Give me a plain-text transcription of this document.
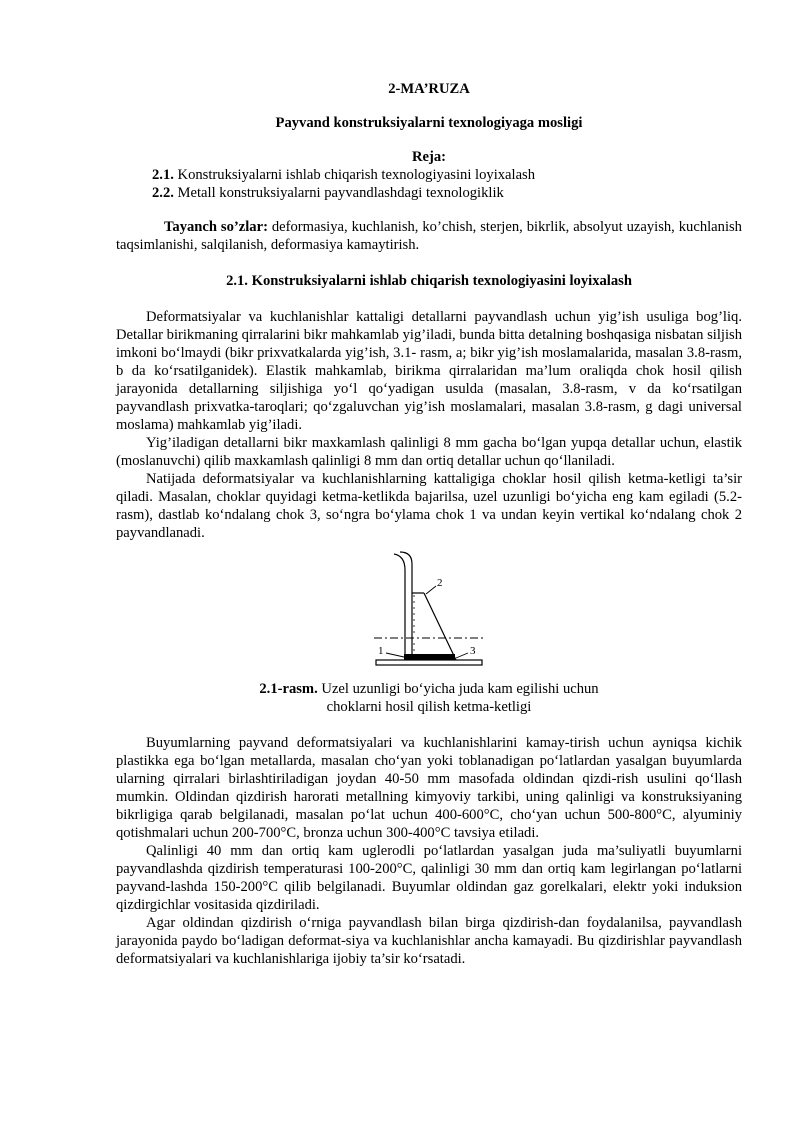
2-MA’RUZA
Payvand konstruksiyalarni texnologiyaga mosligi
Reja:
2.1. Konstruksiyalarni ishlab chiqarish texnologiyasini loyixalash
2.2. Metall konstruksiyalarni payvandlashdagi texnologiklik
Tayanch so’zlar: deformasiya, kuchlanish, ko’chish, sterjen, bikrlik, absolyut uzayish, kuchlanish taqsimlanishi, salqilanish, deformasiya kamaytirish.
2.1. Konstruksiyalarni ishlab chiqarish texnologiyasini loyixalash

Deformatsiyalar va kuchlanishlar kattaligi detallarni payvandlash uchun yig’ish usuliga bog’liq. Detallar birikmaning qirralarini bikr mahkamlab yig’iladi, bunda bitta detalning boshqasiga nisbatan siljish imkoni boʻlmaydi (bikr prixvatkalarda yig’ish, 3.1- rasm, a; bikr yig’ish moslamalarida, masalan 3.8-rasm, b da koʻrsatilganidek). Elastik mahkamlab, birikma qirralaridan ma’lum oraliqda chok hosil qilish jarayonida detallarning siljishiga yoʻl qoʻyadigan usulda (masalan, 3.8-rasm, v da koʻrsatilgan payvandlash prixvatka-taroqlari; qoʻzgaluvchan yig’ish moslamalari, masalan 3.8-rasm, g dagi universal moslama) mahkamlab yig’iladi.

Yig’iladigan detallarni bikr maxkamlash qalinligi 8 mm gacha boʻlgan yupqa detallar uchun, elastik (moslanuvchi) qilib maxkamlash qalinligi 8 mm dan ortiq detallar uchun qoʻllaniladi.

Natijada deformatsiyalar va kuchlanishlarning kattaligiga choklar hosil qilish ketma-ketligi ta’sir qiladi. Masalan, choklar quyidagi ketma-ketlikda bajarilsa, uzel uzunligi boʻyicha eng kam egiladi (5.2-rasm), dastlab koʻndalang chok 3, soʻngra boʻylama chok 1 va undan keyin vertikal koʻndalang chok 2 payvandlanadi.

2
1	3
2.1-rasm. Uzel uzunligi boʻyicha juda kam egilishi uchun
choklarni hosil qilish ketma-ketligi

Buyumlarning payvand deformatsiyalari va kuchlanishlarini kamay-tirish uchun ayniqsa kichik plastikka ega boʻlgan metallarda, masalan choʻyan yoki toblanadigan poʻlatlardan yasalgan buyumlarda ularning qirralari birlashtiriladigan joydan 40-50 mm masofada oldindan qizdi-rish usulini qoʻllash mumkin. Oldindan qizdirish harorati metallning kimyoviy tarkibi, uning qalinligi va konstruksiyaning bikrligiga qarab belgilanadi, masalan poʻlat uchun 400-600°C, choʻyan uchun 500-800°C, alyuminiy qotishmalari uchun 200-700°C, bronza uchun 300-400°C tavsiya etiladi.

Qalinligi 40 mm dan ortiq kam uglerodli poʻlatlardan yasalgan juda ma’suliyatli buyumlarni payvandlashda qizdirish temperaturasi 100-200°C, qalinligi 30 mm dan ortiq kam legirlangan poʻlatlarni payvand-lashda 150-200°C qilib belgilanadi. Buyumlar oldindan gaz gorelkalari, elektr yoki induksion qizdirgichlar vositasida qizdiriladi.

Agar oldindan qizdirish oʻrniga payvandlash bilan birga qizdirish-dan foydalanilsa, payvandlash jarayonida paydo boʻladigan deformat-siya va kuchlanishlar ancha kamayadi. Bu qizdirishlar payvandlash deformatsiyalari va kuchlanishlariga ijobiy ta’sir koʻrsatadi.
